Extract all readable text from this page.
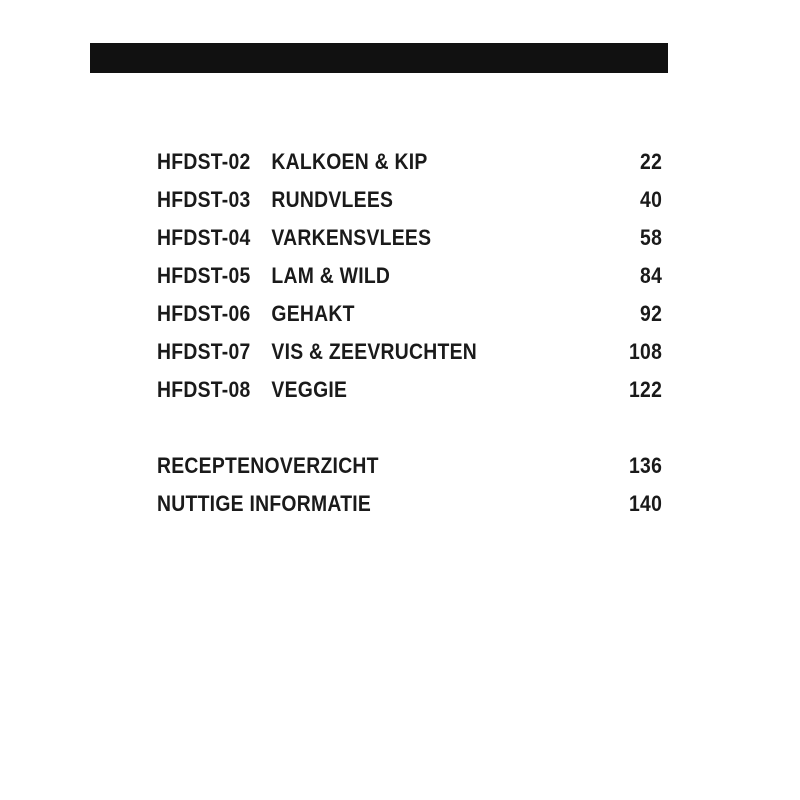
HFDST-02 KALKOEN & KIP	22
HFDST-03 RUNDVLEES	40
HFDST-04 VARKENSVLEES	58
HFDST-05 LAM & WILD	84
HFDST-06 GEHAKT	92
HFDST-07 VIS & ZEEVRUCHTEN	108
HFDST-08 VEGGIE	122
RECEPTENOVERZICHT	136
NUTTIGE INFORMATIE	140
